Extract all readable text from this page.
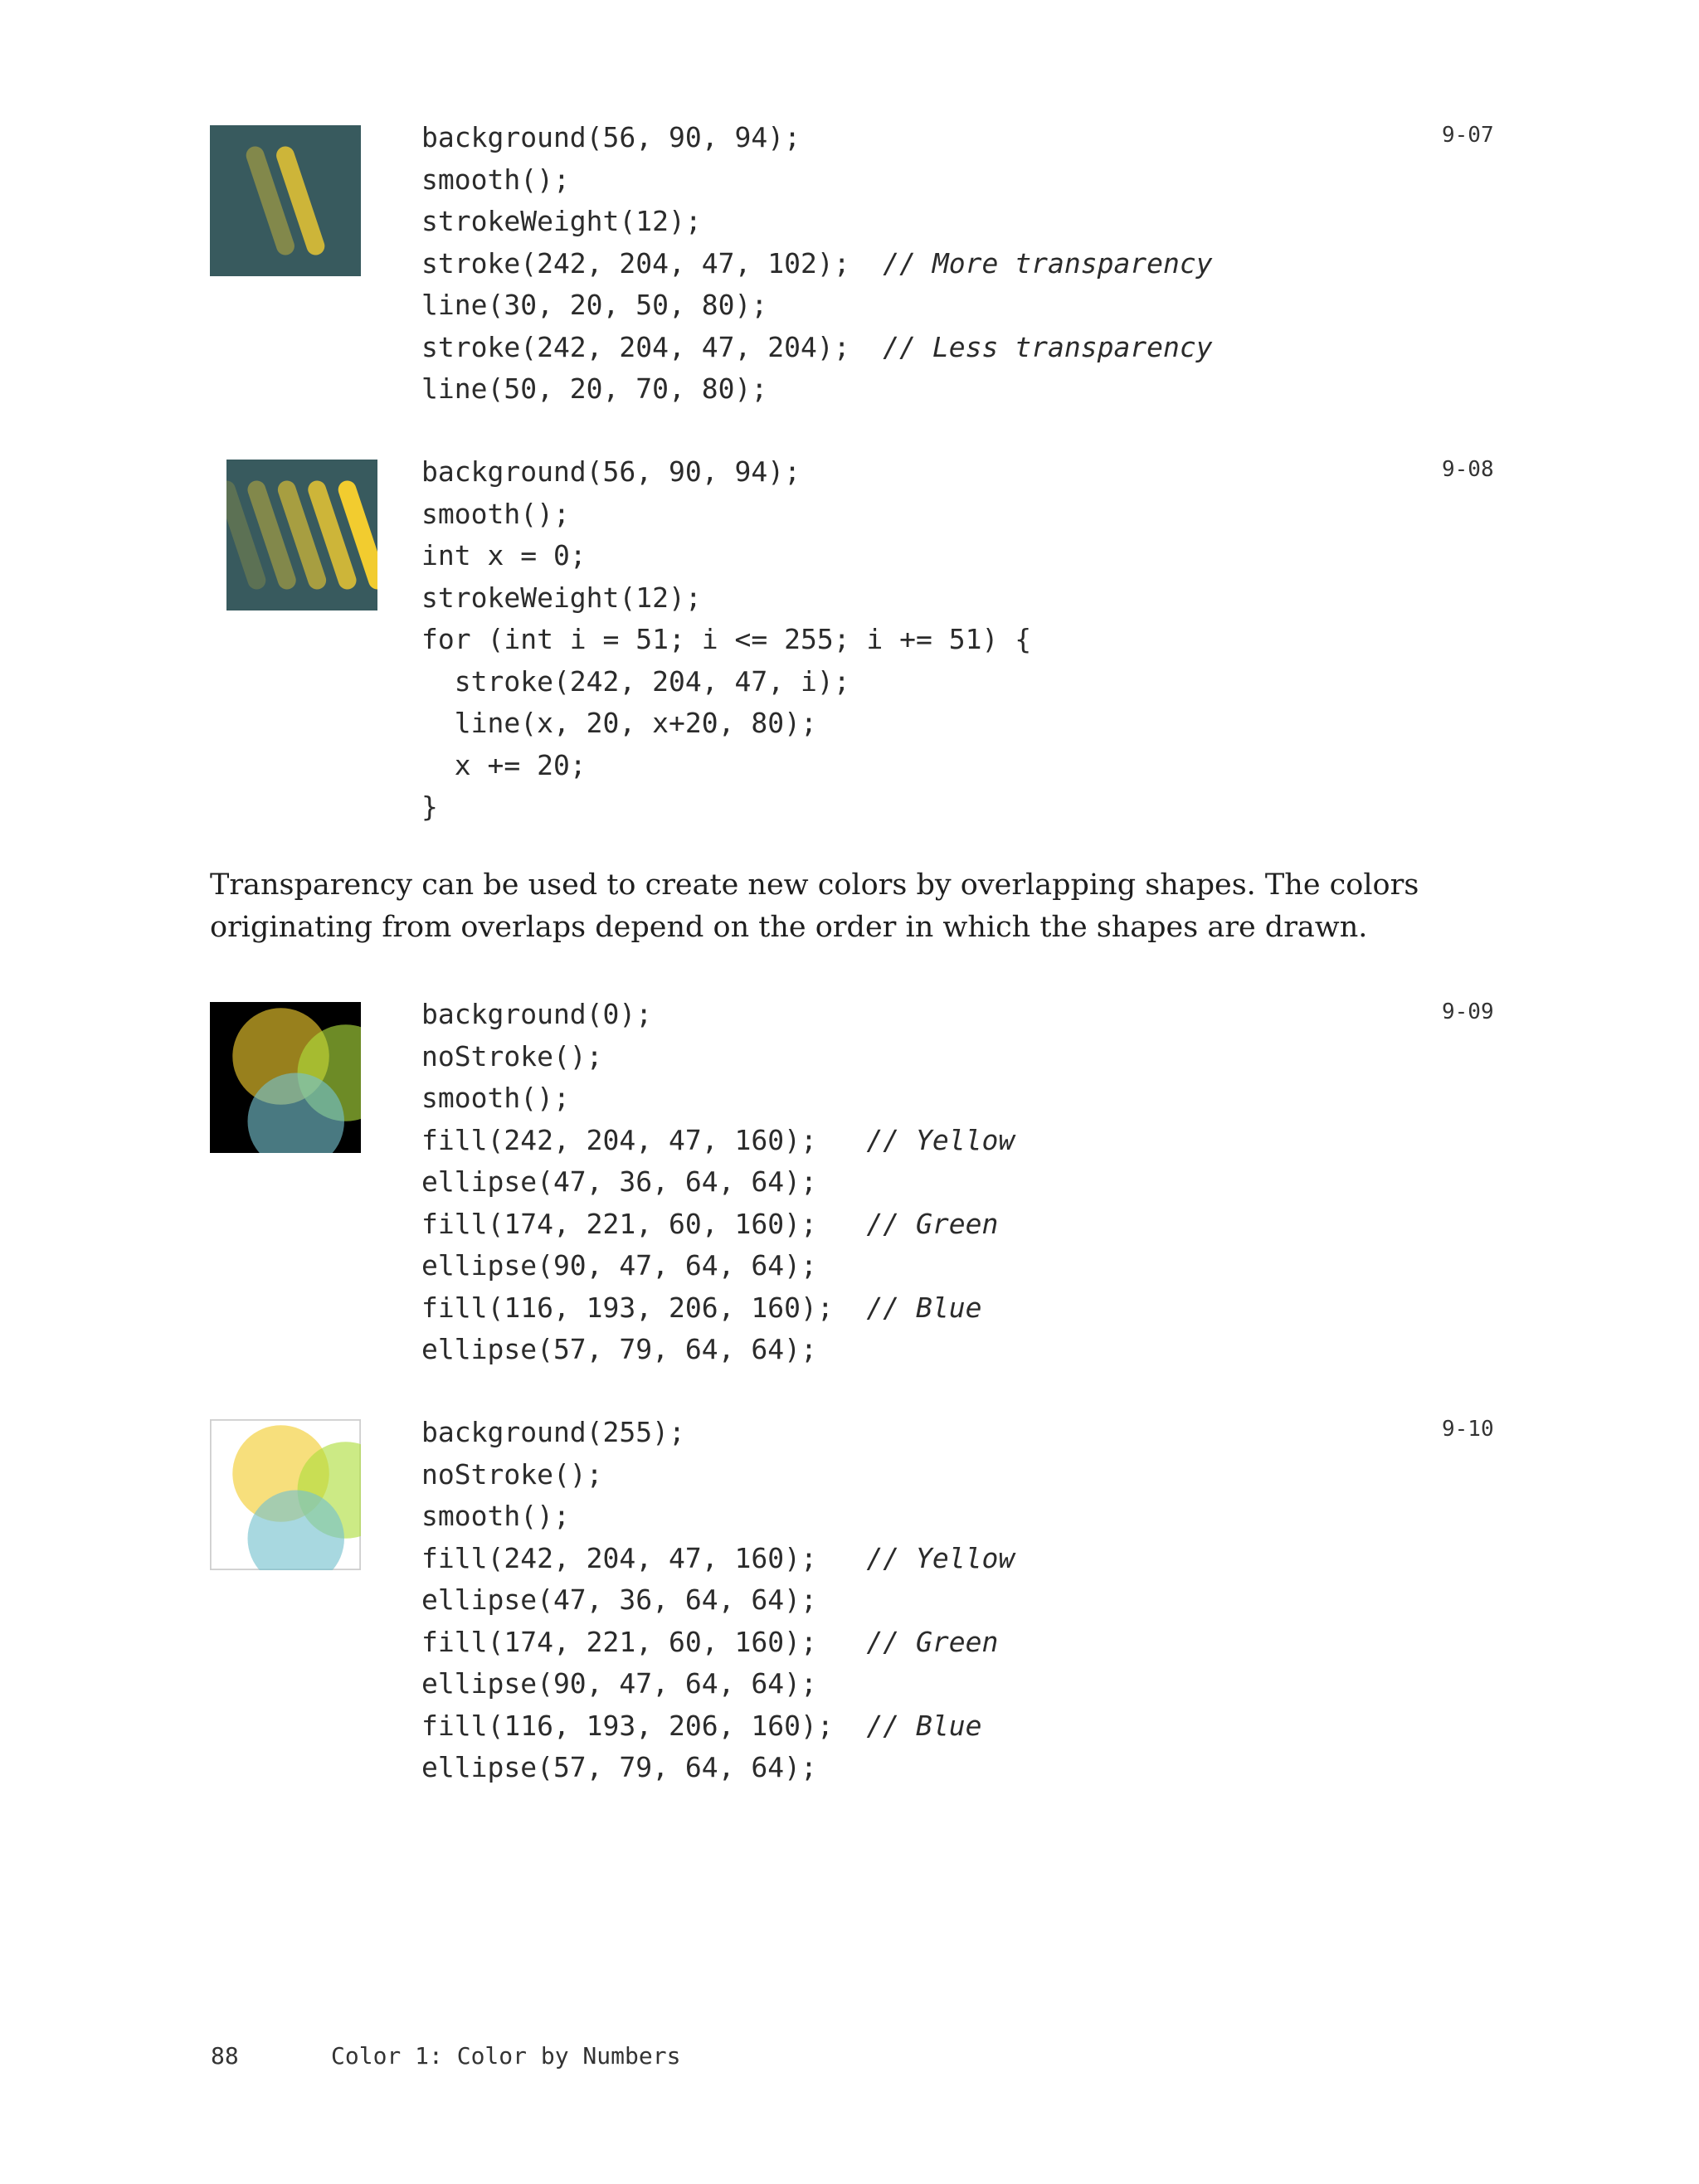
background(56, 90, 94);
smooth();
strokeWeight(12);
stroke(242, 204, 47, 102);  // More transparency
line(30, 20, 50, 80);
stroke(242, 204, 47, 204);  // Less transparency
line(50, 20, 70, 80);
9-07
background(56, 90, 94);
smooth();
int x = 0;
strokeWeight(12);
for (int i = 51; i <= 255; i += 51) {
stroke(242, 204, 47, i);
line(x, 20, x+20, 80);
x += 20;
}
9-08
Transparency can be used to create new colors by overlapping shapes. The colors
originating from overlaps depend on the order in which the shapes are drawn.
background(0);
noStroke();
smooth();
fill(242, 204, 47, 160);   // Yellow
ellipse(47, 36, 64, 64);
fill(174, 221, 60, 160);   // Green
ellipse(90, 47, 64, 64);
fill(116, 193, 206, 160);  // Blue
ellipse(57, 79, 64, 64);
9-09
background(255);
noStroke();
smooth();
fill(242, 204, 47, 160);   // Yellow
ellipse(47, 36, 64, 64);
fill(174, 221, 60, 160);   // Green
ellipse(90, 47, 64, 64);
fill(116, 193, 206, 160);  // Blue
ellipse(57, 79, 64, 64);
9-10
88	Color 1: Color by Numbers
